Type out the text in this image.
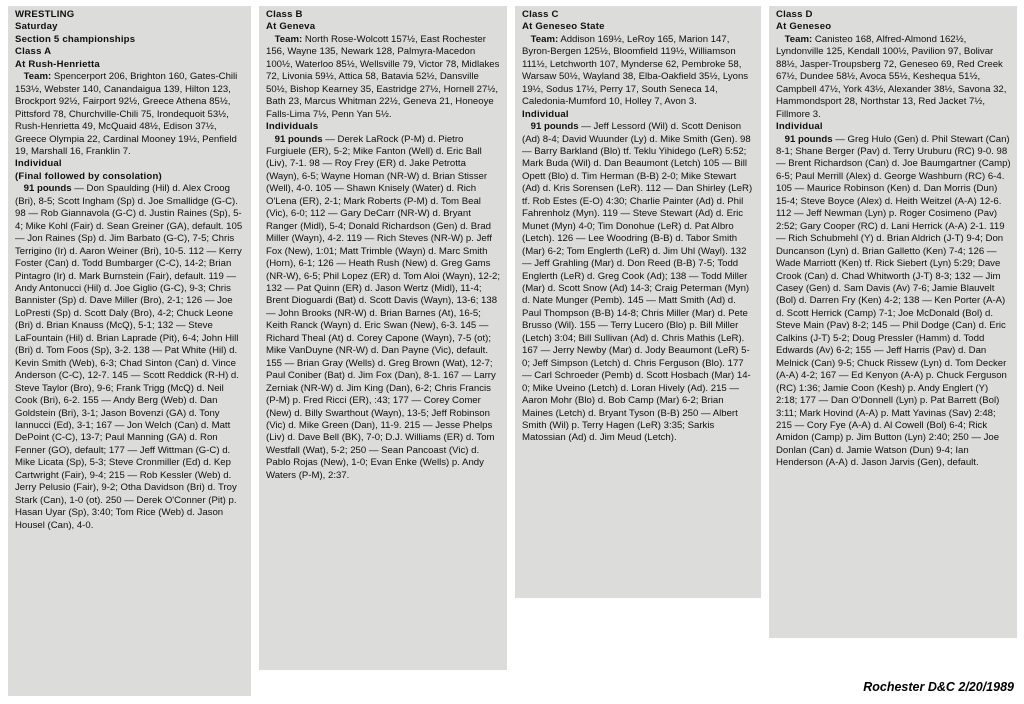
WRESTLING

Saturday

Section 5 championships

Class A

At Rush-Henrietta

Team: Spencerport 206, Brighton 160, Gates-Chili 153½, Webster 140, Canandaigua 139, Hilton 123, Brockport 92½, Fairport 92½, Greece Athena 85½, Pittsford 78, Churchville-Chili 75, Irondequoit 53½, Rush-Henrietta 49, McQuaid 48½, Edison 37½, Greece Olympia 22, Cardinal Mooney 19½, Penfield 19, Marshall 16, Franklin 7.

Individual

(Final followed by consolation)

91 pounds — Don Spaulding (Hil) d. Alex Croog (Bri), 8-5; Scott Ingham (Sp) d. Joe Smallidge (G-C). 98 — Rob Giannavola (G-C) d. Justin Raines (Sp), 5-4; Mike Kohl (Fair) d. Sean Greiner (GA), default. 105 — Jon Raines (Sp) d. Jim Barbato (G-C), 7-5; Chris Terrigino (Ir) d. Aaron Weiner (Bri), 10-5. 112 — Kerry Foster (Can) d. Todd Bumbarger (C-C), 14-2; Brian Pintagro (Ir) d. Mark Burnstein (Fair), default. 119 — Andy Antonucci (Hil) d. Joe Giglio (G-C), 9-3; Chris Bannister (Sp) d. Dave Miller (Bro), 2-1; 126 — Joe LoPresti (Sp) d. Scott Daly (Bro), 4-2; Chuck Leone (Bri) d. Brian Knauss (McQ), 5-1; 132 — Steve LaFountain (Hil) d. Brian Laprade (Pit), 6-4; John Hill (Bri) d. Tom Foos (Sp), 3-2. 138 — Pat White (Hil) d. Kevin Smith (Web), 6-3; Chad Sinton (Can) d. Vince Anderson (C-C), 12-7. 145 — Scott Reddick (R-H) d. Steve Taylor (Bro), 9-6; Frank Trigg (McQ) d. Neil Cook (Bri), 6-2. 155 — Andy Berg (Web) d. Dan Goldstein (Bri), 3-1; Jason Bovenzi (GA) d. Tony Iannucci (Ed), 3-1; 167 — Jon Welch (Can) d. Matt DePoint (C-C), 13-7; Paul Manning (GA) d. Ron Fenner (GO), default; 177 — Jeff Wittman (G-C) d. Mike Licata (Sp), 5-3; Steve Cronmiller (Ed) d. Kep Cartwright (Fair), 9-4; 215 — Rob Kessler (Web) d. Jerry Pelusio (Fair), 9-2; Otha Davidson (Bri) d. Troy Stark (Can), 1-0 (ot). 250 — Derek O'Conner (Pit) p. Hasan Uyar (Sp), 3:40; Tom Rice (Web) d. Jason Housel (Can), 4-0.

Class B

At Geneva

Team: North Rose-Wolcott 157½, East Rochester 156, Wayne 135, Newark 128, Palmyra-Macedon 100½, Waterloo 85½, Wellsville 79, Victor 78, Midlakes 72, Livonia 59½, Attica 58, Batavia 52½, Dansville 50½, Bishop Kearney 35, Eastridge 27½, Hornell 27½, Bath 23, Marcus Whitman 22½, Geneva 21, Honeoye Falls-Lima 7½, Penn Yan 5½.

Individuals

91 pounds — Derek LaRock (P-M) d. Pietro Furgiuele (ER), 5-2; Mike Fanton (Well) d. Eric Ball (Liv), 7-1. 98 — Roy Frey (ER) d. Jake Petrotta (Wayn), 6-5; Wayne Homan (NR-W) d. Brian Stisser (Well), 4-0. 105 — Shawn Knisely (Water) d. Rich O'Lena (ER), 2-1; Mark Roberts (P-M) d. Tom Beal (Vic), 6-0; 112 — Gary DeCarr (NR-W) d. Bryant Ranger (Midl), 5-4; Donald Richardson (Gen) d. Brad Miller (Wayn), 4-2. 119 — Rich Steves (NR-W) p. Jeff Fox (New), 1:01; Matt Trimble (Wayn) d. Marc Smith (Horn), 6-1; 126 — Heath Rush (New) d. Greg Gams (NR-W), 6-5; Phil Lopez (ER) d. Tom Aloi (Wayn), 12-2; 132 — Pat Quinn (ER) d. Jason Wertz (Midl), 11-4; Brent Dioguardi (Bat) d. Scott Davis (Wayn), 13-6; 138 — John Brooks (NR-W) d. Brian Barnes (At), 16-5; Keith Ranck (Wayn) d. Eric Swan (New), 6-3. 145 — Richard Theal (At) d. Corey Capone (Wayn), 7-5 (ot); Mike VanDuyne (NR-W) d. Dan Payne (Vic), default. 155 — Brian Gray (Wells) d. Greg Brown (Wat), 12-7; Paul Coniber (Bat) d. Jim Fox (Dan), 8-1. 167 — Larry Zerniak (NR-W) d. Jim King (Dan), 6-2; Chris Francis (P-M) p. Fred Ricci (ER), :43; 177 — Corey Comer (New) d. Billy Swarthout (Wayn), 13-5; Jeff Robinson (Vic) d. Mike Green (Dan), 11-9. 215 — Jesse Phelps (Liv) d. Dave Bell (BK), 7-0; D.J. Williams (ER) d. Tom Westfall (Wat), 5-2; 250 — Sean Pancoast (Vic) d. Pablo Rojas (New), 1-0; Evan Enke (Wells) p. Andy Waters (P-M), 2:37.

Class C

At Geneseo State

Team: Addison 169½, LeRoy 165, Marion 147, Byron-Bergen 125½, Bloomfield 119½, Williamson 111½, Letchworth 107, Mynderse 62, Pembroke 58, Warsaw 50½, Wayland 38, Elba-Oakfield 35½, Lyons 19½, Sodus 17½, Perry 17, South Seneca 14, Caledonia-Mumford 10, Holley 7, Avon 3.

Individual

91 pounds — Jeff Lessord (Wil) d. Scott Denison (Ad) 8-4; David Wuunder (Ly) d. Mike Smith (Gen). 98 — Barry Barkland (Blo) tf. Teklu Yihidego (LeR) 5:52; Mark Buda (Wil) d. Dan Beaumont (Letch) 105 — Bill Opett (Blo) d. Tim Herman (B-B) 2-0; Mike Stewart (Ad) d. Kris Sorensen (LeR). 112 — Dan Shirley (LeR) tf. Rob Estes (E-O) 4:30; Charlie Painter (Ad) d. Phil Fahrenholz (Myn). 119 — Steve Stewart (Ad) d. Eric Munet (Myn) 4-0; Tim Donohue (LeR) d. Pat Albro (Letch). 126 — Lee Woodring (B-B) d. Tabor Smith (Mar) 6-2; Tom Englerth (LeR) d. Jim Uhl (Wayl). 132 — Jeff Grahling (Mar) d. Don Reed (B-B) 7-5; Todd Englerth (LeR) d. Greg Cook (Ad); 138 — Todd Miller (Mar) d. Scott Snow (Ad) 14-3; Craig Peterman (Myn) d. Nate Munger (Pemb). 145 — Matt Smith (Ad) d. Paul Thompson (B-B) 14-8; Chris Miller (Mar) d. Pete Brusso (Wil). 155 — Terry Lucero (Blo) p. Bill Miller (Letch) 3:04; Bill Sullivan (Ad) d. Chris Mathis (LeR). 167 — Jerry Newby (Mar) d. Jody Beaumont (LeR) 5-0; Jeff Simpson (Letch) d. Chris Ferguson (Blo). 177 — Carl Schroeder (Pemb) d. Scott Hosbach (Mar) 14-0; Mike Uveino (Letch) d. Loran Hively (Ad). 215 — Aaron Mohr (Blo) d. Bob Camp (Mar) 6-2; Brian Maines (Letch) d. Bryant Tyson (B-B) 250 — Albert Smith (Wil) p. Terry Hagen (LeR) 3:35; Sarkis Matossian (Ad) d. Jim Meud (Letch).

Class D

At Geneseo

Team: Canisteo 168, Alfred-Almond 162½, Lyndonville 125, Kendall 100½, Pavilion 97, Bolivar 88½, Jasper-Troupsberg 72, Geneseo 69, Red Creek 67½, Dundee 58½, Avoca 55½, Keshequa 51½, Campbell 47½, York 43½, Alexander 38½, Savona 32, Hammondsport 28, Northstar 13, Red Jacket 7½, Fillmore 3.

Individual

91 pounds — Greg Hulo (Gen) d. Phil Stewart (Can) 8-1; Shane Berger (Pav) d. Terry Uruburu (RC) 9-0. 98 — Brent Richardson (Can) d. Joe Baumgartner (Camp) 6-5; Paul Merrill (Alex) d. George Washburn (RC) 6-4. 105 — Maurice Robinson (Ken) d. Dan Morris (Dun) 15-4; Steve Boyce (Alex) d. Heith Weitzel (A-A) 12-6. 112 — Jeff Newman (Lyn) p. Roger Cosimeno (Pav) 2:52; Gary Cooper (RC) d. Lani Herrick (A-A) 2-1. 119 — Rich Schubmehl (Y) d. Brian Aldrich (J-T) 9-4; Don Duncanson (Lyn) d. Brian Galletto (Ken) 7-4; 126 — Wade Marriott (Ken) tf. Rick Siebert (Lyn) 5:29; Dave Crook (Can) d. Chad Whitworth (J-T) 8-3; 132 — Jim Casey (Gen) d. Sam Davis (Av) 7-6; Jamie Blauvelt (Bol) d. Darren Fry (Ken) 4-2; 138 — Ken Porter (A-A) d. Scott Herrick (Camp) 7-1; Joe McDonald (Bol) d. Steve Main (Pav) 8-2; 145 — Phil Dodge (Can) d. Eric Calkins (J-T) 5-2; Doug Pressler (Hamm) d. Todd Edwards (Av) 6-2; 155 — Jeff Harris (Pav) d. Dan Melnick (Can) 9-5; Chuck Rissew (Lyn) d. Tom Decker (A-A) 4-2; 167 — Ed Kenyon (A-A) p. Chuck Ferguson (RC) 1:36; Jamie Coon (Kesh) p. Andy Englert (Y) 2:18; 177 — Dan O'Donnell (Lyn) p. Pat Barrett (Bol) 3:11; Mark Hovind (A-A) p. Matt Yavinas (Sav) 2:48; 215 — Cory Fye (A-A) d. Al Cowell (Bol) 6-4; Rick Amidon (Camp) p. Jim Button (Lyn) 2:40; 250 — Joe Donlan (Can) d. Jamie Watson (Dun) 9-4; Ian Henderson (A-A) d. Jason Jarvis (Gen), default.

Rochester D&C 2/20/1989
